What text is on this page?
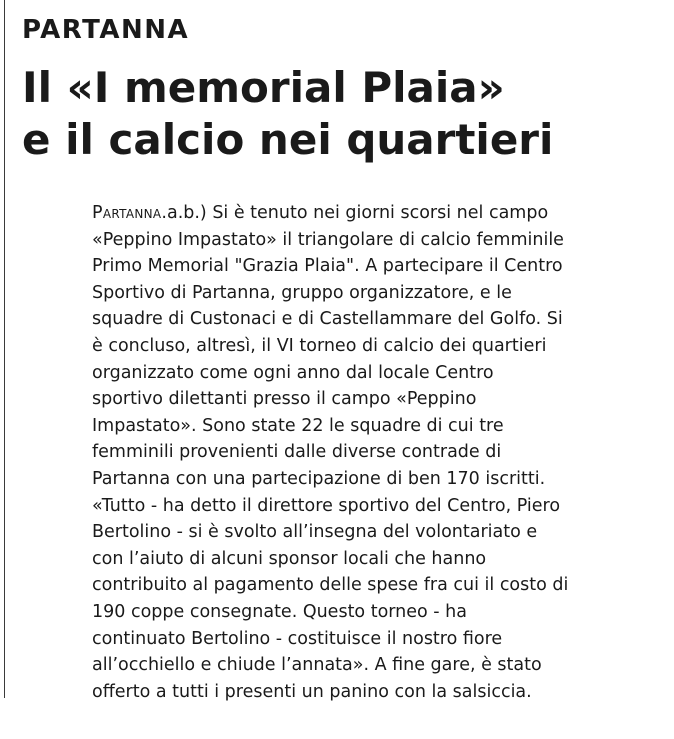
PARTANNA
Il «I memorial Plaia»
e il calcio nei quartieri
Partanna.a.b.) Si è tenuto nei giorni scorsi nel campo
«Peppino Impastato» il triangolare di calcio femminile
Primo Memorial "Grazia Plaia". A partecipare il Centro
Sportivo di Partanna, gruppo organizzatore, e le
squadre di Custonaci e di Castellammare del Golfo. Si
è concluso, altresì, il VI torneo di calcio dei quartieri
organizzato come ogni anno dal locale Centro
sportivo dilettanti presso il campo «Peppino
Impastato». Sono state 22 le squadre di cui tre
femminili provenienti dalle diverse contrade di
Partanna con una partecipazione di ben 170 iscritti.
«Tutto - ha detto il direttore sportivo del Centro, Piero
Bertolino - si è svolto all’insegna del volontariato e
con l’aiuto di alcuni sponsor locali che hanno
contribuito al pagamento delle spese fra cui il costo di
190 coppe consegnate. Questo torneo - ha
continuato Bertolino - costituisce il nostro fiore
all’occhiello e chiude l’annata». A fine gare, è stato
offerto a tutti i presenti un panino con la salsiccia.
